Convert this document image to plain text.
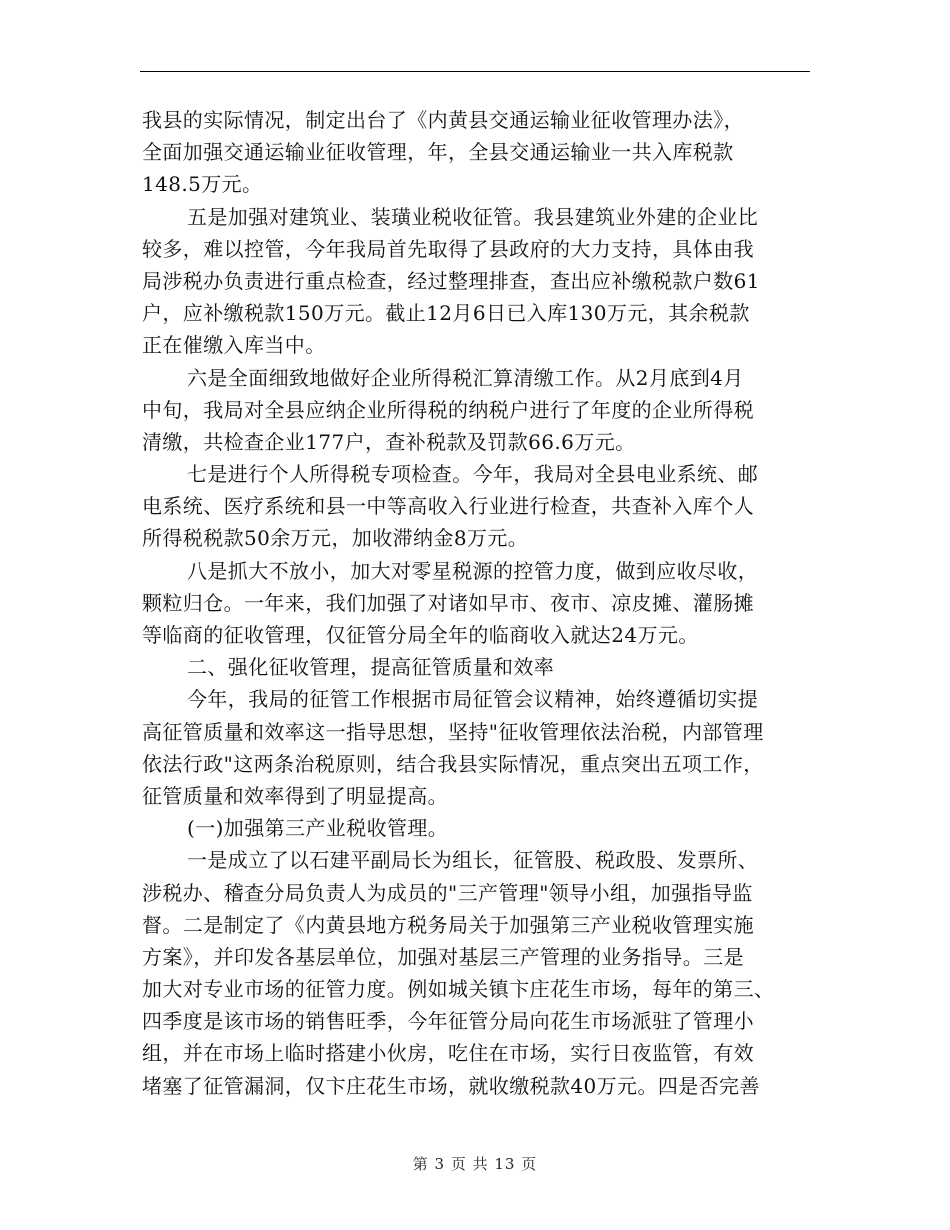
我县的实际情况，制定出台了《内黄县交通运输业征收管理办法》，
全面加强交通运输业征收管理，年，全县交通运输业一共入库税款
148.5万元。
五是加强对建筑业、装璜业税收征管。我县建筑业外建的企业比
较多，难以控管，今年我局首先取得了县政府的大力支持，具体由我
局涉税办负责进行重点检查，经过整理排查，查出应补缴税款户数61
户，应补缴税款150万元。截止12月6日已入库130万元，其余税款
正在催缴入库当中。
六是全面细致地做好企业所得税汇算清缴工作。从2月底到4月
中旬，我局对全县应纳企业所得税的纳税户进行了年度的企业所得税
清缴，共检查企业177户，查补税款及罚款66.6万元。
七是进行个人所得税专项检查。今年，我局对全县电业系统、邮
电系统、医疗系统和县一中等高收入行业进行检查，共查补入库个人
所得税税款50余万元，加收滞纳金8万元。
八是抓大不放小，加大对零星税源的控管力度，做到应收尽收，
颗粒归仓。一年来，我们加强了对诸如早市、夜市、凉皮摊、灌肠摊
等临商的征收管理，仅征管分局全年的临商收入就达24万元。
二、强化征收管理，提高征管质量和效率
今年，我局的征管工作根据市局征管会议精神，始终遵循切实提
高征管质量和效率这一指导思想，坚持"征收管理依法治税，内部管理
依法行政"这两条治税原则，结合我县实际情况，重点突出五项工作，
征管质量和效率得到了明显提高。
(一)加强第三产业税收管理。
一是成立了以石建平副局长为组长，征管股、税政股、发票所、
涉税办、稽查分局负责人为成员的"三产管理"领导小组，加强指导监
督。二是制定了《内黄县地方税务局关于加强第三产业税收管理实施
方案》，并印发各基层单位，加强对基层三产管理的业务指导。三是
加大对专业市场的征管力度。例如城关镇卞庄花生市场，每年的第三、
四季度是该市场的销售旺季，今年征管分局向花生市场派驻了管理小
组，并在市场上临时搭建小伙房，吃住在市场，实行日夜监管，有效
堵塞了征管漏洞，仅卞庄花生市场，就收缴税款40万元。四是否完善
第 3 页 共 13 页
